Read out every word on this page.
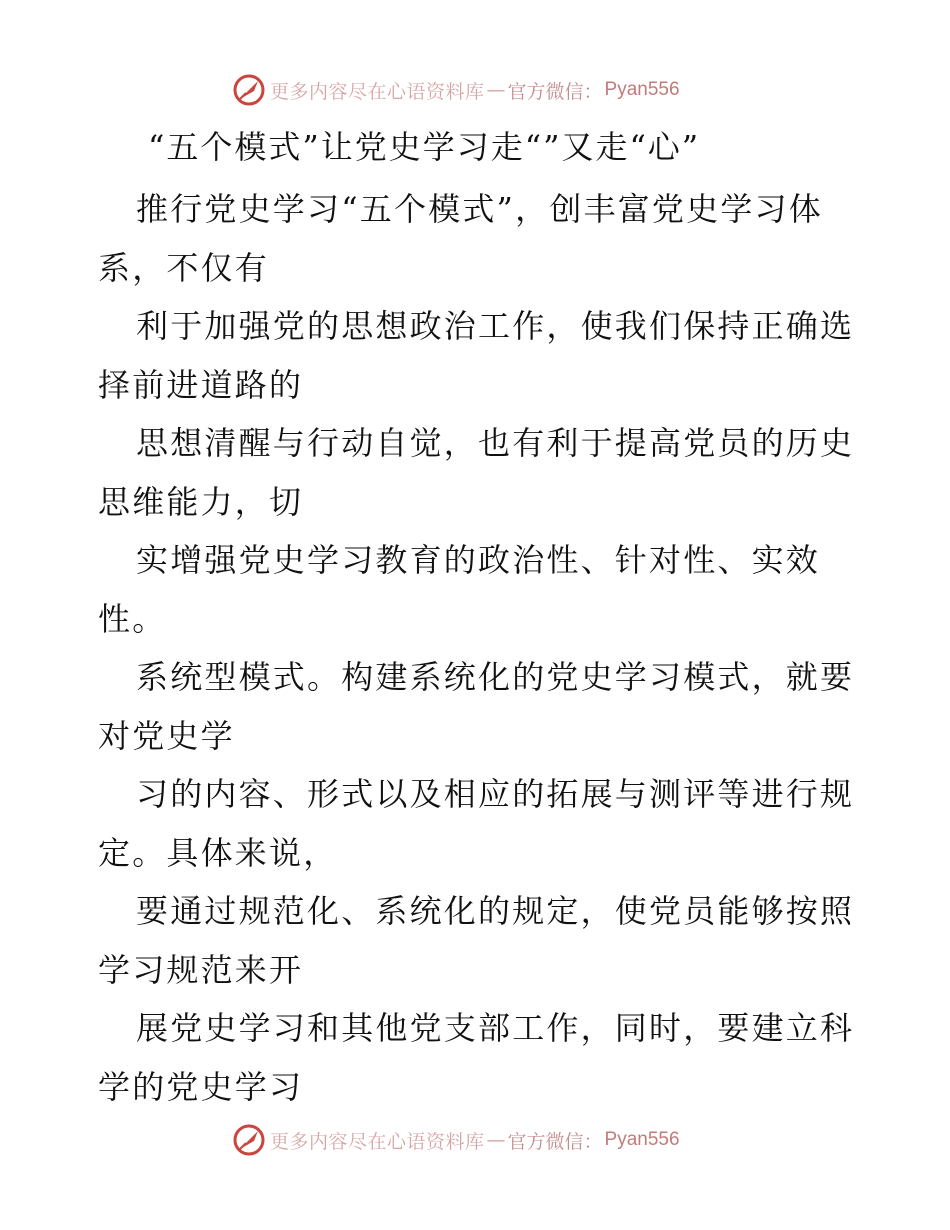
更多内容尽在心语资料库 — 官方微信： Pyan556
“五个模式”让党史学习走“”又走“心”
推行党史学习“五个模式”，创丰富党史学习体
系，不仅有
利于加强党的思想政治工作，使我们保持正确选
择前进道路的
思想清醒与行动自觉，也有利于提高党员的历史
思维能力，切
实增强党史学习教育的政治性、针对性、实效
性。
系统型模式。构建系统化的党史学习模式，就要
对党史学
习的内容、形式以及相应的拓展与测评等进行规
定。具体来说，
要通过规范化、系统化的规定，使党员能够按照
学习规范来开
展党史学习和其他党支部工作，同时，要建立科
学的党史学习
更多内容尽在心语资料库 — 官方微信： Pyan556
